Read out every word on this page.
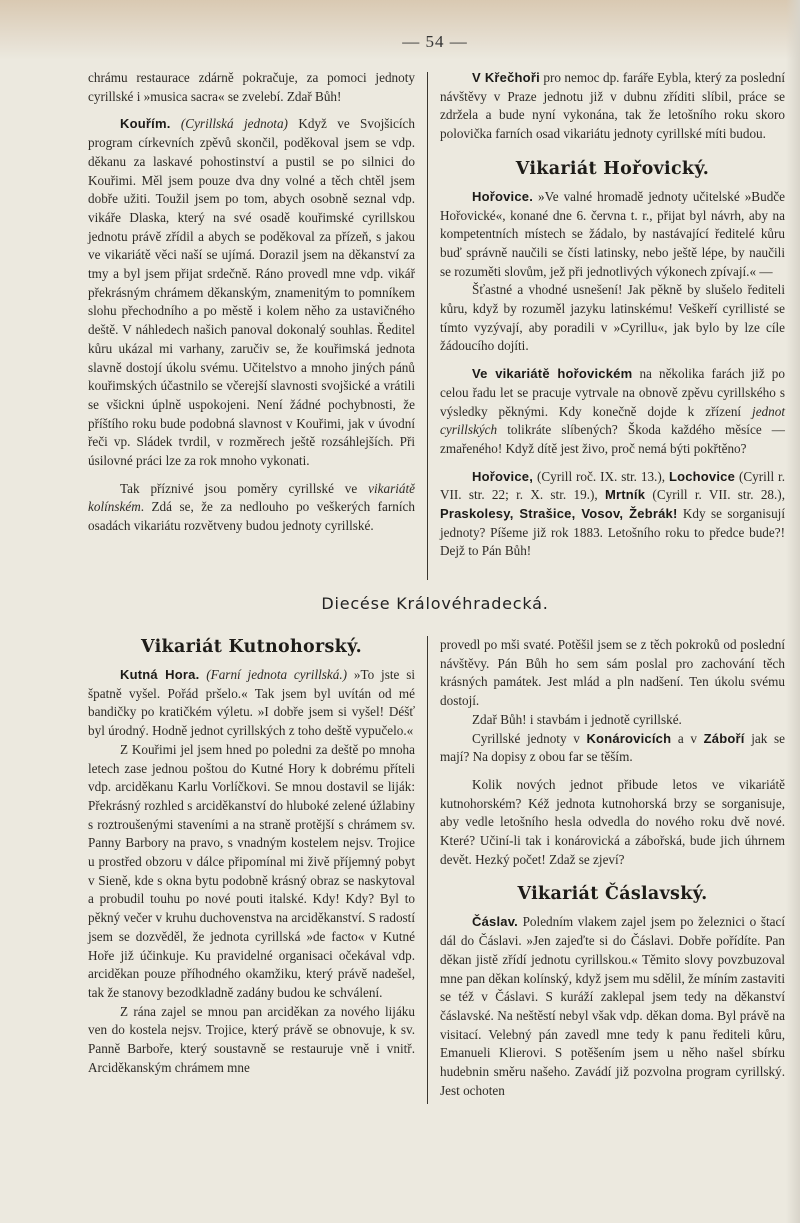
— 54 —

chrámu restaurace zdárně pokračuje, za pomoci jednoty cyrillské i »musica sacra« se zvelebí. Zdař Bůh!

Kouřím. (Cyrillská jednota) Když ve Svojšicích program církevních zpěvů skončil, poděkoval jsem se vdp. děkanu za laskavé pohostinství a pustil se po silnici do Kouřimi. Měl jsem pouze dva dny volné a těch chtěl jsem dobře užiti. Toužil jsem po tom, abych osobně seznal vdp. vikáře Dlaska, který na své osadě kouřimské cyrillskou jednotu právě zřídil a abych se poděkoval za přízeň, s jakou ve vikariátě věci naší se ujímá. Dorazil jsem na děkanství za tmy a byl jsem přijat srdečně. Ráno provedl mne vdp. vikář překrásným chrámem děkanským, znamenitým to pomníkem slohu přechodního a po městě i kolem něho za ustavičného deště. V náhledech našich panoval dokonalý souhlas. Ředitel kůru ukázal mi varhany, zaručiv se, že kouřimská jednota slavně dostojí úkolu svému. Učitelstvo a mnoho jiných pánů kouřimských účastnilo se včerejší slavnosti svojšické a vrátili se všickni úplně uspokojeni. Není žádné pochybnosti, že příštího roku bude podobná slavnost v Kouřimi, jak v úvodní řeči vp. Sládek tvrdil, v rozměrech ještě rozsáhlejších. Při úsilovné práci lze za rok mnoho vykonati.

Tak příznivé jsou poměry cyrillské ve vikariátě kolínském. Zdá se, že za nedlouho po veškerých farních osadách vikariátu rozvětveny budou jednoty cyrillské.

V Křečhoři pro nemoc dp. faráře Eybla, který za poslední návštěvy v Praze jednotu již v dubnu zříditi slíbil, práce se zdržela a bude nyní vykonána, tak že letošního roku skoro polovička farních osad vikariátu jednoty cyrillské míti budou.

Vikariát Hořovický.

Hořovice. »Ve valné hromadě jednoty učitelské »Budče Hořovické«, konané dne 6. června t. r., přijat byl návrh, aby na kompetentních místech se žádalo, by nastávající ředitelé kůru buď správně naučili se čísti latinsky, nebo ještě lépe, by naučili se rozuměti slovům, jež při jednotlivých výkonech zpívají.« —

Šťastné a vhodné usnešení! Jak pěkně by slušelo řediteli kůru, když by rozuměl jazyku latinskému! Veškeří cyrillisté se tímto vyzývají, aby poradili v »Cyrillu«, jak bylo by lze cíle žádoucího dojíti.

Ve vikariátě hořovickém na několika farách již po celou řadu let se pracuje vytrvale na obnově zpěvu cyrillského s výsledky pěknými. Kdy konečně dojde k zřízení jednot cyrillských tolikráte slíbených? Škoda každého měsíce — zmařeného! Když dítě jest živo, proč nemá býti pokřtěno?

Hořovice, (Cyrill roč. IX. str. 13.), Lochovice (Cyrill r. VII. str. 22; r. X. str. 19.), Mrtník (Cyrill r. VII. str. 28.), Praskolesy, Strašice, Vosov, Žebrák! Kdy se sorganisují jednoty? Píšeme již rok 1883. Letošního roku to předce bude?! Dejž to Pán Bůh!

Diecése Královéhradecká.
Vikariát Kutnohorský.

Kutná Hora. (Farní jednota cyrillská.) »To jste si špatně vyšel. Pořád pršelo.« Tak jsem byl uvítán od mé bandičky po kratičkém výletu. »I dobře jsem si vyšel! Déšť byl úrodný. Hodně jednot cyrillských z toho deště vypučelo.«

Z Kouřimi jel jsem hned po poledni za deště po mnoha letech zase jednou poštou do Kutné Hory k dobrému příteli vdp. arciděkanu Karlu Vorlíčkovi. Se mnou dostavil se liják: Překrásný rozhled s arciděkanství do hluboké zelené úžlabiny s roztroušenými staveními a na straně protější s chrámem sv. Panny Barbory na pravo, s vnadným kostelem nejsv. Trojice u prostřed obzoru v dálce připomínal mi živě příjemný pobyt v Sieně, kde s okna bytu podobně krásný obraz se naskytoval a probudil touhu po nové pouti italské. Kdy! Kdy? Byl to pěkný večer v kruhu duchovenstva na arciděkanství. S radostí jsem se dozvěděl, že jednota cyrillská »de facto« v Kutné Hoře již účinkuje. Ku pravidelné organisaci očekával vdp. arciděkan pouze příhodného okamžiku, který právě nadešel, tak že stanovy bezodkladně zadány budou ke schválení.

Z rána zajel se mnou pan arciděkan za nového lijáku ven do kostela nejsv. Trojice, který právě se obnovuje, k sv. Panně Barboře, který soustavně se restauruje vně i vnitř. Arciděkanským chrámem mne

provedl po mši svaté. Potěšil jsem se z těch pokroků od poslední návštěvy. Pán Bůh ho sem sám poslal pro zachování těch krásných památek. Jest mlád a pln nadšení. Ten úkolu svému dostojí.

Zdař Bůh! i stavbám i jednotě cyrillské.

Cyrillské jednoty v Konárovicích a v Záboří jak se mají? Na dopisy z obou far se těším.

Kolik nových jednot přibude letos ve vikariátě kutnohorském? Kéž jednota kutnohorská brzy se sorganisuje, aby vedle letošního hesla odvedla do nového roku dvě nové. Které? Učiní-li tak i konárovická a zábořská, bude jich úhrnem devět. Hezký počet! Zdaž se zjeví?

Vikariát Čáslavský.

Čáslav. Poledním vlakem zajel jsem po železnici o štací dál do Čáslavi. »Jen zajeďte si do Čáslavi. Dobře pořídíte. Pan děkan jistě zřídí jednotu cyrillskou.« Těmito slovy povzbuzoval mne pan děkan kolínský, když jsem mu sdělil, že míním zastaviti se též v Čáslavi. S kuráží zaklepal jsem tedy na děkanství čáslavské. Na neštěstí nebyl však vdp. děkan doma. Byl právě na visitací. Velebný pán zavedl mne tedy k panu řediteli kůru, Emanueli Klierovi. S potěšením jsem u něho našel sbírku hudebnin směru našeho. Zavádí již pozvolna program cyrillský. Jest ochoten
